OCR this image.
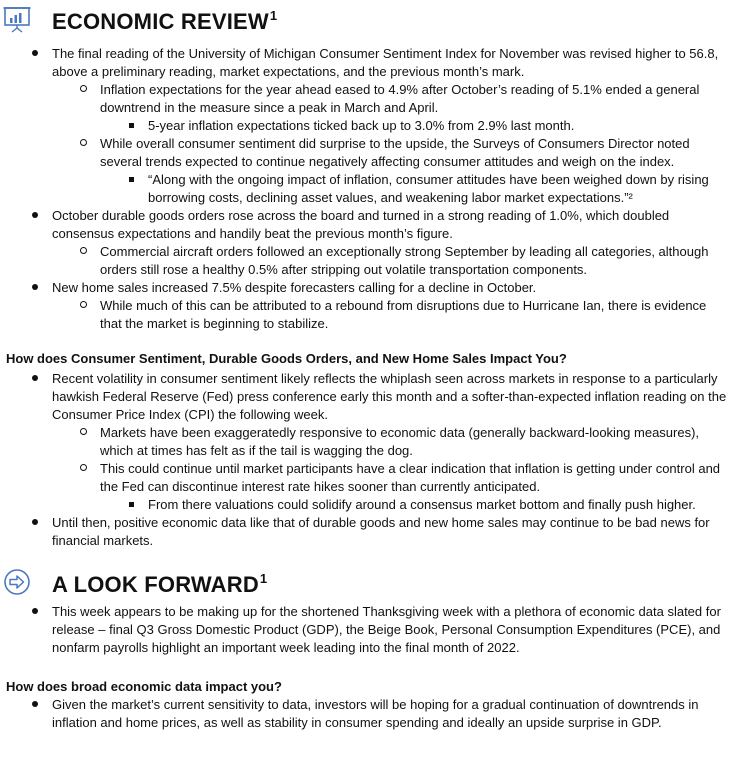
ECONOMIC REVIEW$^1$
The final reading of the University of Michigan Consumer Sentiment Index for November was revised higher to 56.8, above a preliminary reading, market expectations, and the previous month’s mark.
Inflation expectations for the year ahead eased to 4.9% after October’s reading of 5.1% ended a general downtrend in the measure since a peak in March and April.
5-year inflation expectations ticked back up to 3.0% from 2.9% last month.
While overall consumer sentiment did surprise to the upside, the Surveys of Consumers Director noted several trends expected to continue negatively affecting consumer attitudes and weigh on the index.
“Along with the ongoing impact of inflation, consumer attitudes have been weighed down by rising borrowing costs, declining asset values, and weakening labor market expectations.”²
October durable goods orders rose across the board and turned in a strong reading of 1.0%, which doubled consensus expectations and handily beat the previous month’s figure.
Commercial aircraft orders followed an exceptionally strong September by leading all categories, although orders still rose a healthy 0.5% after stripping out volatile transportation components.
New home sales increased 7.5% despite forecasters calling for a decline in October.
While much of this can be attributed to a rebound from disruptions due to Hurricane Ian, there is evidence that the market is beginning to stabilize.
How does Consumer Sentiment, Durable Goods Orders, and New Home Sales Impact You?
Recent volatility in consumer sentiment likely reflects the whiplash seen across markets in response to a particularly hawkish Federal Reserve (Fed) press conference early this month and a softer-than-expected inflation reading on the Consumer Price Index (CPI) the following week.
Markets have been exaggeratedly responsive to economic data (generally backward-looking measures), which at times has felt as if the tail is wagging the dog.
This could continue until market participants have a clear indication that inflation is getting under control and the Fed can discontinue interest rate hikes sooner than currently anticipated.
From there valuations could solidify around a consensus market bottom and finally push higher.
Until then, positive economic data like that of durable goods and new home sales may continue to be bad news for financial markets.
A LOOK FORWARD$^1$
This week appears to be making up for the shortened Thanksgiving week with a plethora of economic data slated for release – final Q3 Gross Domestic Product (GDP), the Beige Book, Personal Consumption Expenditures (PCE), and nonfarm payrolls highlight an important week leading into the final month of 2022.
How does broad economic data impact you?
Given the market’s current sensitivity to data, investors will be hoping for a gradual continuation of downtrends in inflation and home prices, as well as stability in consumer spending and ideally an upside surprise in GDP.
